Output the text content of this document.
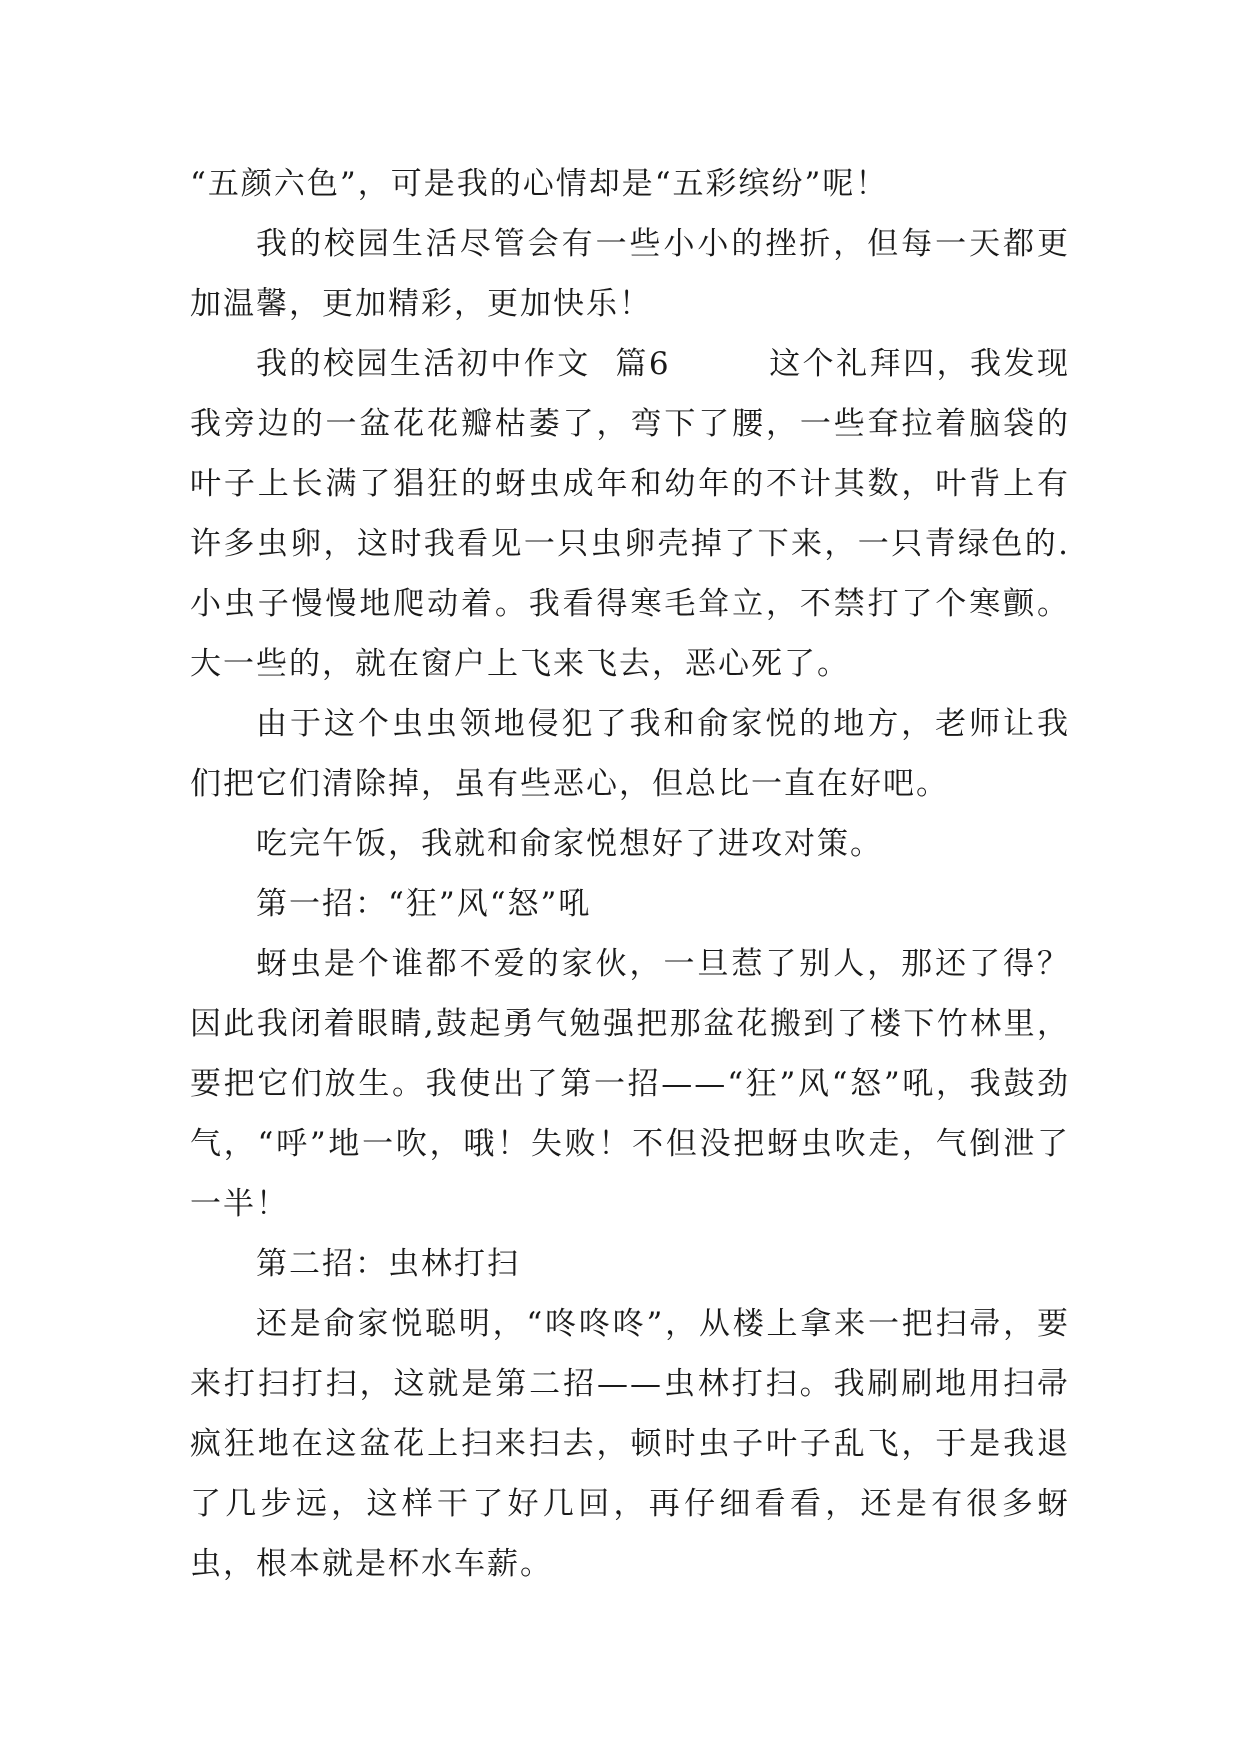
“五颜六色”，可是我的心情却是“五彩缤纷”呢！

我的校园生活尽管会有一些小小的挫折，但每一天都更加温馨，更加精彩，更加快乐！

我的校园生活初中作文  篇6        这个礼拜四，我发现我旁边的一盆花花瓣枯萎了，弯下了腰，一些耷拉着脑袋的叶子上长满了猖狂的蚜虫成年和幼年的不计其数，叶背上有许多虫卵，这时我看见一只虫卵壳掉了下来，一只青绿色的.小虫子慢慢地爬动着。我看得寒毛耸立，不禁打了个寒颤。大一些的，就在窗户上飞来飞去，恶心死了。

由于这个虫虫领地侵犯了我和俞家悦的地方，老师让我们把它们清除掉，虽有些恶心，但总比一直在好吧。

吃完午饭，我就和俞家悦想好了进攻对策。

第一招：“狂”风“怒”吼

蚜虫是个谁都不爱的家伙，一旦惹了别人，那还了得？因此我闭着眼睛,鼓起勇气勉强把那盆花搬到了楼下竹林里，要把它们放生。我使出了第一招——“狂”风“怒”吼，我鼓劲气，“呼”地一吹，哦！失败！不但没把蚜虫吹走，气倒泄了一半！

第二招：虫林打扫

还是俞家悦聪明，“咚咚咚”，从楼上拿来一把扫帚，要来打扫打扫，这就是第二招——虫林打扫。我刷刷地用扫帚疯狂地在这盆花上扫来扫去，顿时虫子叶子乱飞，于是我退了几步远，这样干了好几回，再仔细看看，还是有很多蚜虫，根本就是杯水车薪。
